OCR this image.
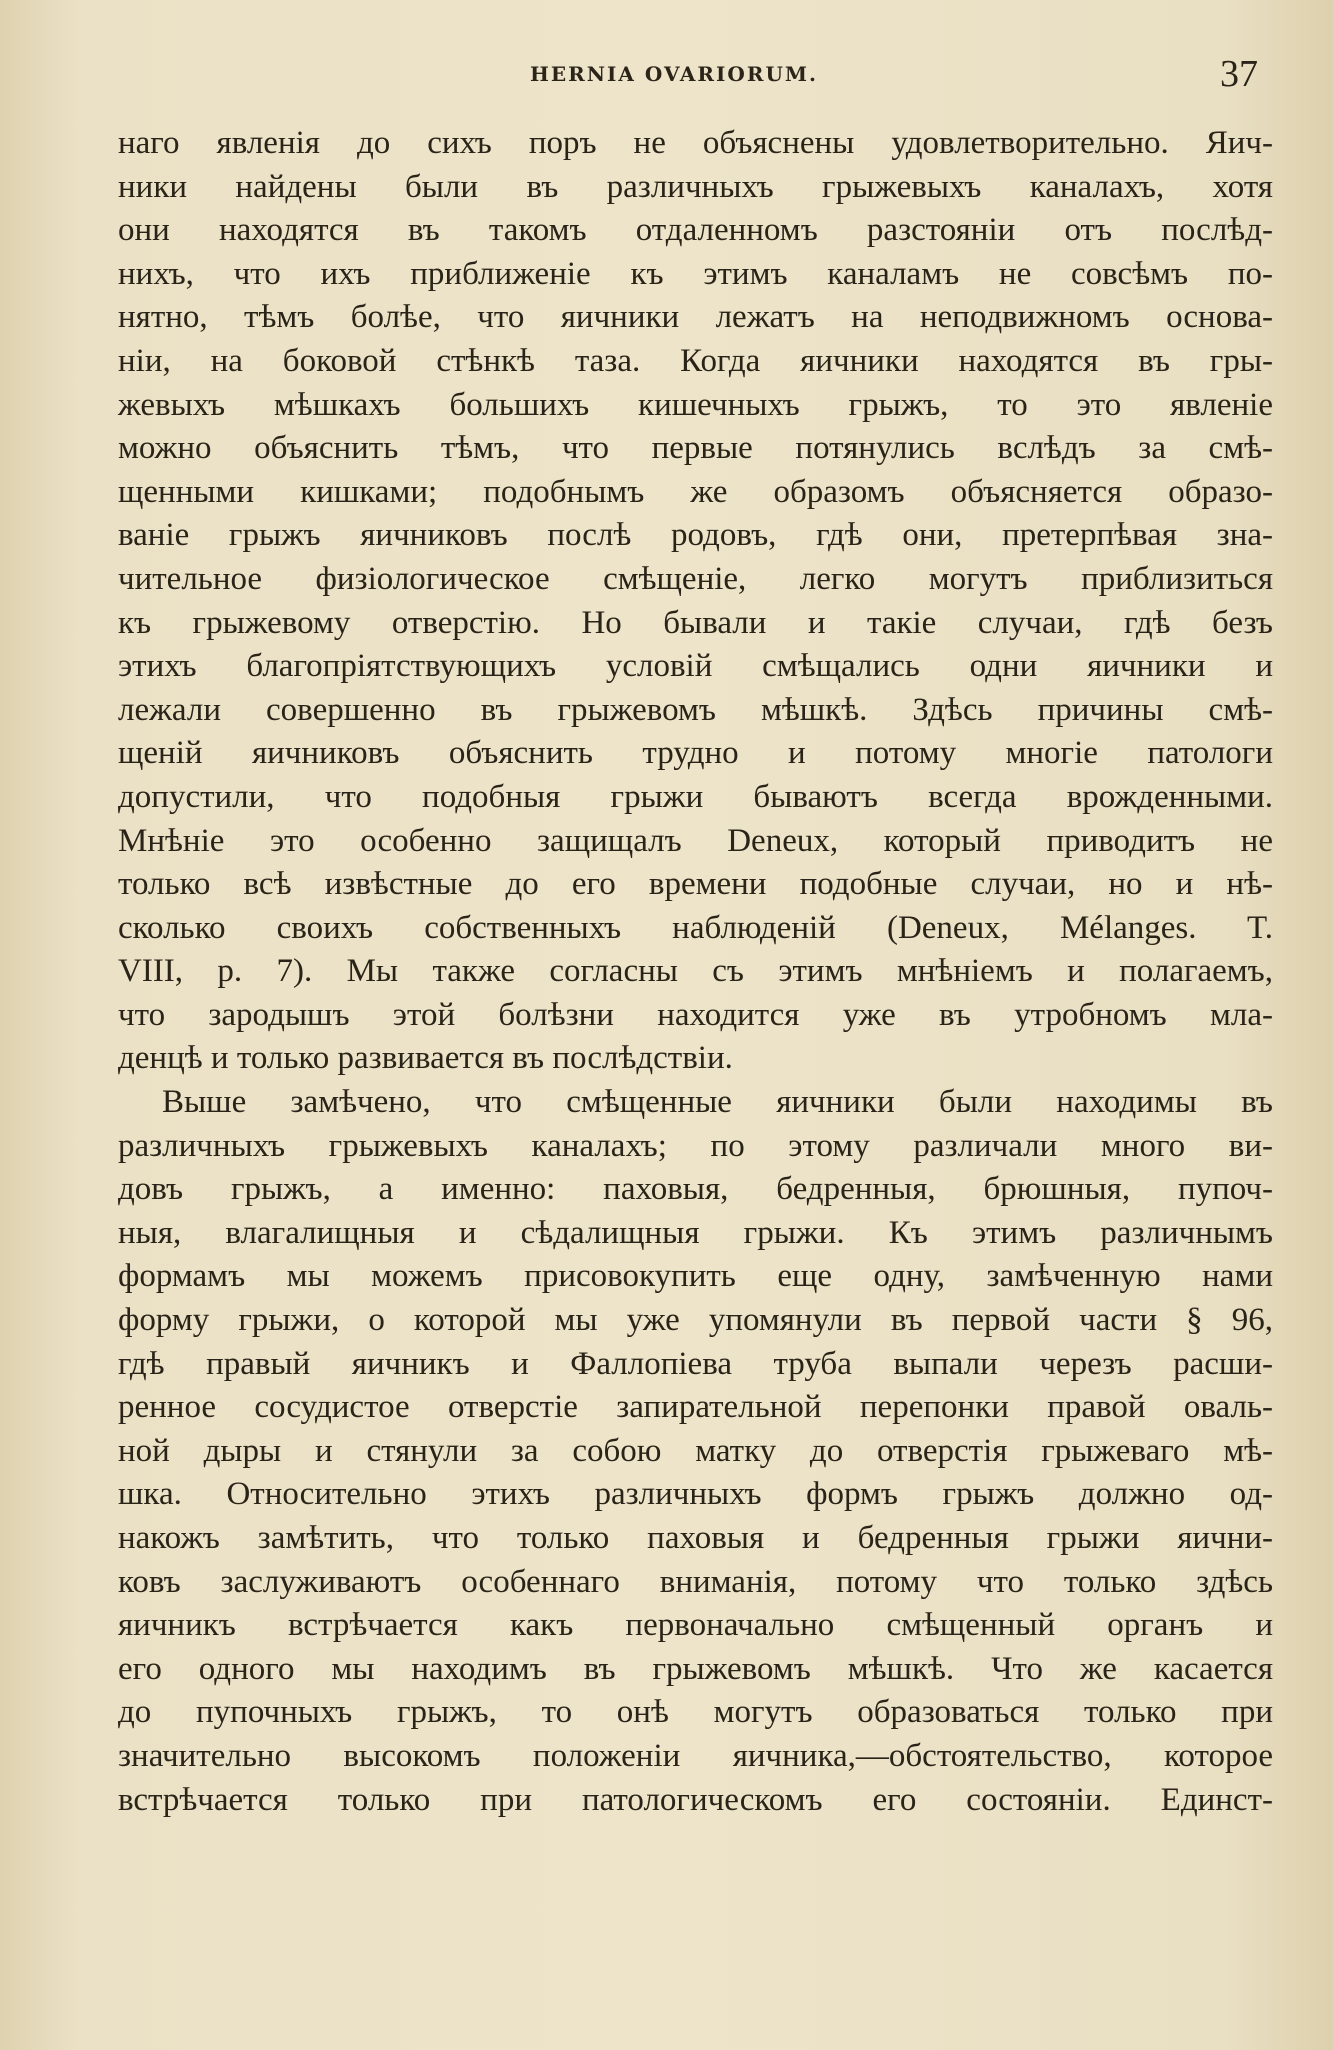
HERNIA OVARIORUM.	37
наго явленія до сихъ поръ не объяснены удовлетворительно. Яич-
ники найдены были въ различныхъ грыжевыхъ каналахъ, хотя
они находятся въ такомъ отдаленномъ разстояніи отъ послѣд-
нихъ, что ихъ приближеніе къ этимъ каналамъ не совсѣмъ по-
нятно, тѣмъ болѣе, что яичники лежатъ на неподвижномъ основа-
ніи, на боковой стѣнкѣ таза. Когда яичники находятся въ гры-
жевыхъ мѣшкахъ большихъ кишечныхъ грыжъ, то это явленіе
можно объяснить тѣмъ, что первые потянулись вслѣдъ за смѣ-
щенными кишками; подобнымъ же образомъ объясняется образо-
ваніе грыжъ яичниковъ послѣ родовъ, гдѣ они, претерпѣвая зна-
чительное физіологическое смѣщеніе, легко могутъ приблизиться
къ грыжевому отверстію. Но бывали и такіе случаи, гдѣ безъ
этихъ благопріятствующихъ условій смѣщались одни яичники и
лежали совершенно въ грыжевомъ мѣшкѣ. Здѣсь причины смѣ-
щеній яичниковъ объяснить трудно и потому многіе патологи
допустили, что подобныя грыжи бываютъ всегда врожденными.
Мнѣніе это особенно защищалъ Deneux, который приводитъ не
только всѣ извѣстные до его времени подобные случаи, но и нѣ-
сколько своихъ собственныхъ наблюденій (Deneux, Mélanges. T.
VIII, p. 7). Мы также согласны съ этимъ мнѣніемъ и полагаемъ,
что зародышъ этой болѣзни находится уже въ утробномъ мла-
денцѣ и только развивается въ послѣдствіи.
Выше замѣчено, что смѣщенные яичники были находимы въ
различныхъ грыжевыхъ каналахъ; по этому различали много ви-
довъ грыжъ, а именно: паховыя, бедренныя, брюшныя, пупоч-
ныя, влагалищныя и сѣдалищныя грыжи. Къ этимъ различнымъ
формамъ мы можемъ присовокупить еще одну, замѣченную нами
форму грыжи, о которой мы уже упомянули въ первой части § 96,
гдѣ правый яичникъ и Фаллопіева труба выпали черезъ расши-
ренное сосудистое отверстіе запирательной перепонки правой оваль-
ной дыры и стянули за собою матку до отверстія грыжеваго мѣ-
шка. Относительно этихъ различныхъ формъ грыжъ должно од-
накожъ замѣтить, что только паховыя и бедренныя грыжи яични-
ковъ заслуживаютъ особеннаго вниманія, потому что только здѣсь
яичникъ встрѣчается какъ первоначально смѣщенный органъ и
его одного мы находимъ въ грыжевомъ мѣшкѣ. Что же касается
до пупочныхъ грыжъ, то онѣ могутъ образоваться только при
значительно высокомъ положеніи яичника,—обстоятельство, которое
встрѣчается только при патологическомъ его состояніи. Единст-
